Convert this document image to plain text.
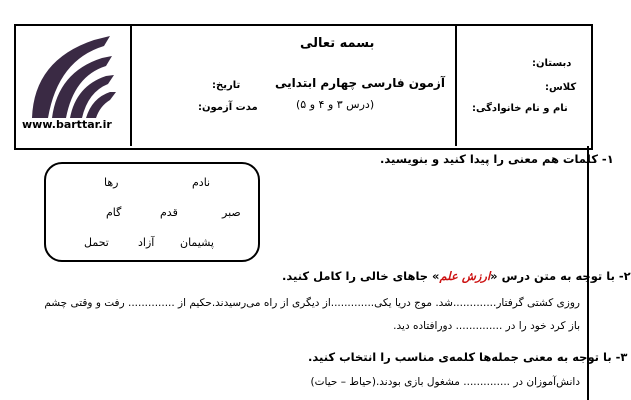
www.barttar.ir
بسمه تعالی
آزمون فارسی چهارم ابتدایی
(درس ۳ و ۴ و ۵)
تاریخ:
مدت آزمون:
دبستان:
کلاس:
نام و نام خانوادگی:
۱- کلمات هم معنی را پیدا کنید و بنویسید.
نادم
رها
صبر
قدم
گام
پشیمان
آزاد
تحمل
۲- با توجه به متن درس «ارزش علم» جاهای خالی را کامل کنید.
روزی کشتی گرفتار.............شد. موج دریا یکی.............از دیگری از راه می‌رسیدند.حکیم از .............. رفت و وقتی چشم
باز کرد خود را در .............. دورافتاده دید.
۳- با توجه به معنی جمله‌ها کلمه‌ی مناسب را انتخاب کنید.
دانش‌آموزان در .............. مشغول بازی بودند.(حیاط – حیات)
